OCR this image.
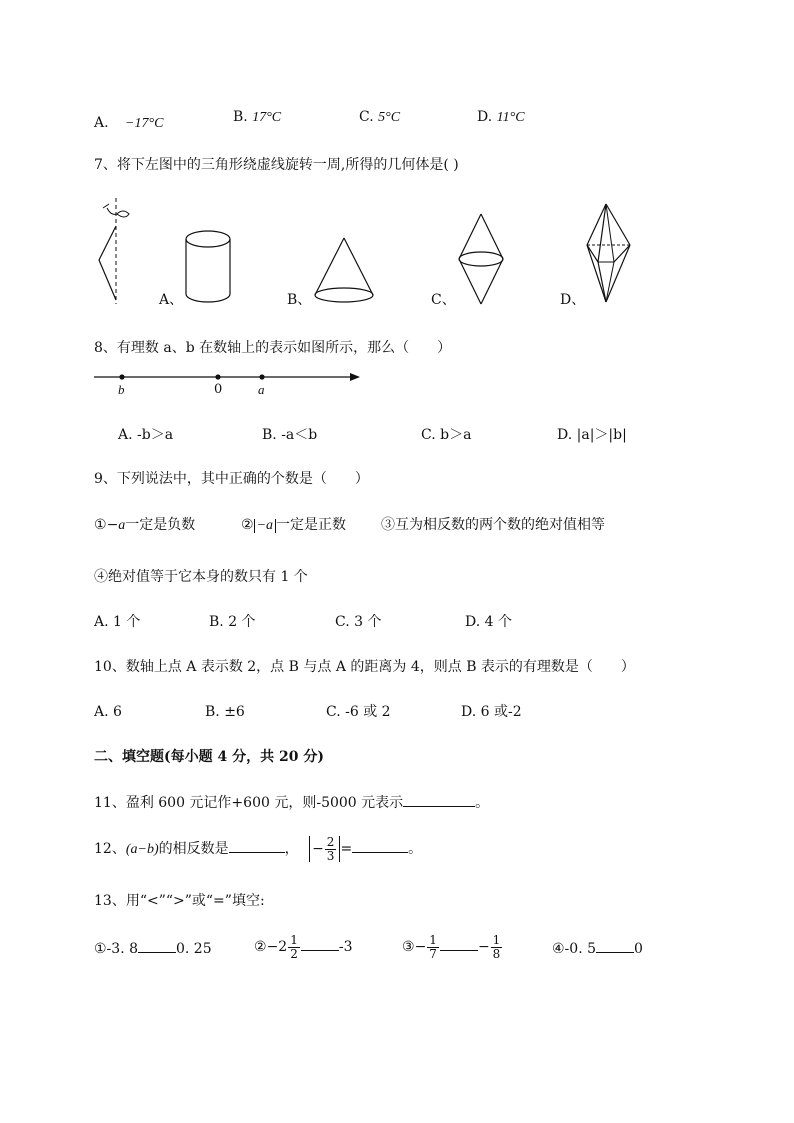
A. −17°C	B. 17°C	C. 5°C	D. 11°C
7、将下左图中的三角形绕虚线旋转一周,所得的几何体是( )
A、	B、	C、	D、
8、有理数 a、b 在数轴上的表示如图所示，那么（　　）
b	0	a
A. -b＞a	B. -a＜b	C. b＞a	D. |a|＞|b|
9、下列说法中，其中正确的个数是（　　）
①−a一定是负数	② −a 一定是正数 ③互为相反数的两个数的绝对值相等
④绝对值等于它本身的数只有 1 个
A. 1 个	B. 2 个	C. 3 个	D. 4 个
10、数轴上点 A 表示数 2，点 B 与点 A 的距离为 4，则点 B 表示的有理数是（　　）
A. 6	B. ±6	C. -6 或 2	D. 6 或-2
二、填空题(每小题 4 分，共 20 分)
11、盈利 600 元记作+600 元，则-5000 元表示	。
12、(a−b)的相反数是	， − $\frac{2}{3}$ =	。
13、用“<”“>”或“=”填空:
①-3. 8	0. 25	②−2 $\frac{1}{2}$	-3	③− $\frac{1}{7}$	− $\frac{1}{8}$	④-0. 5	0
